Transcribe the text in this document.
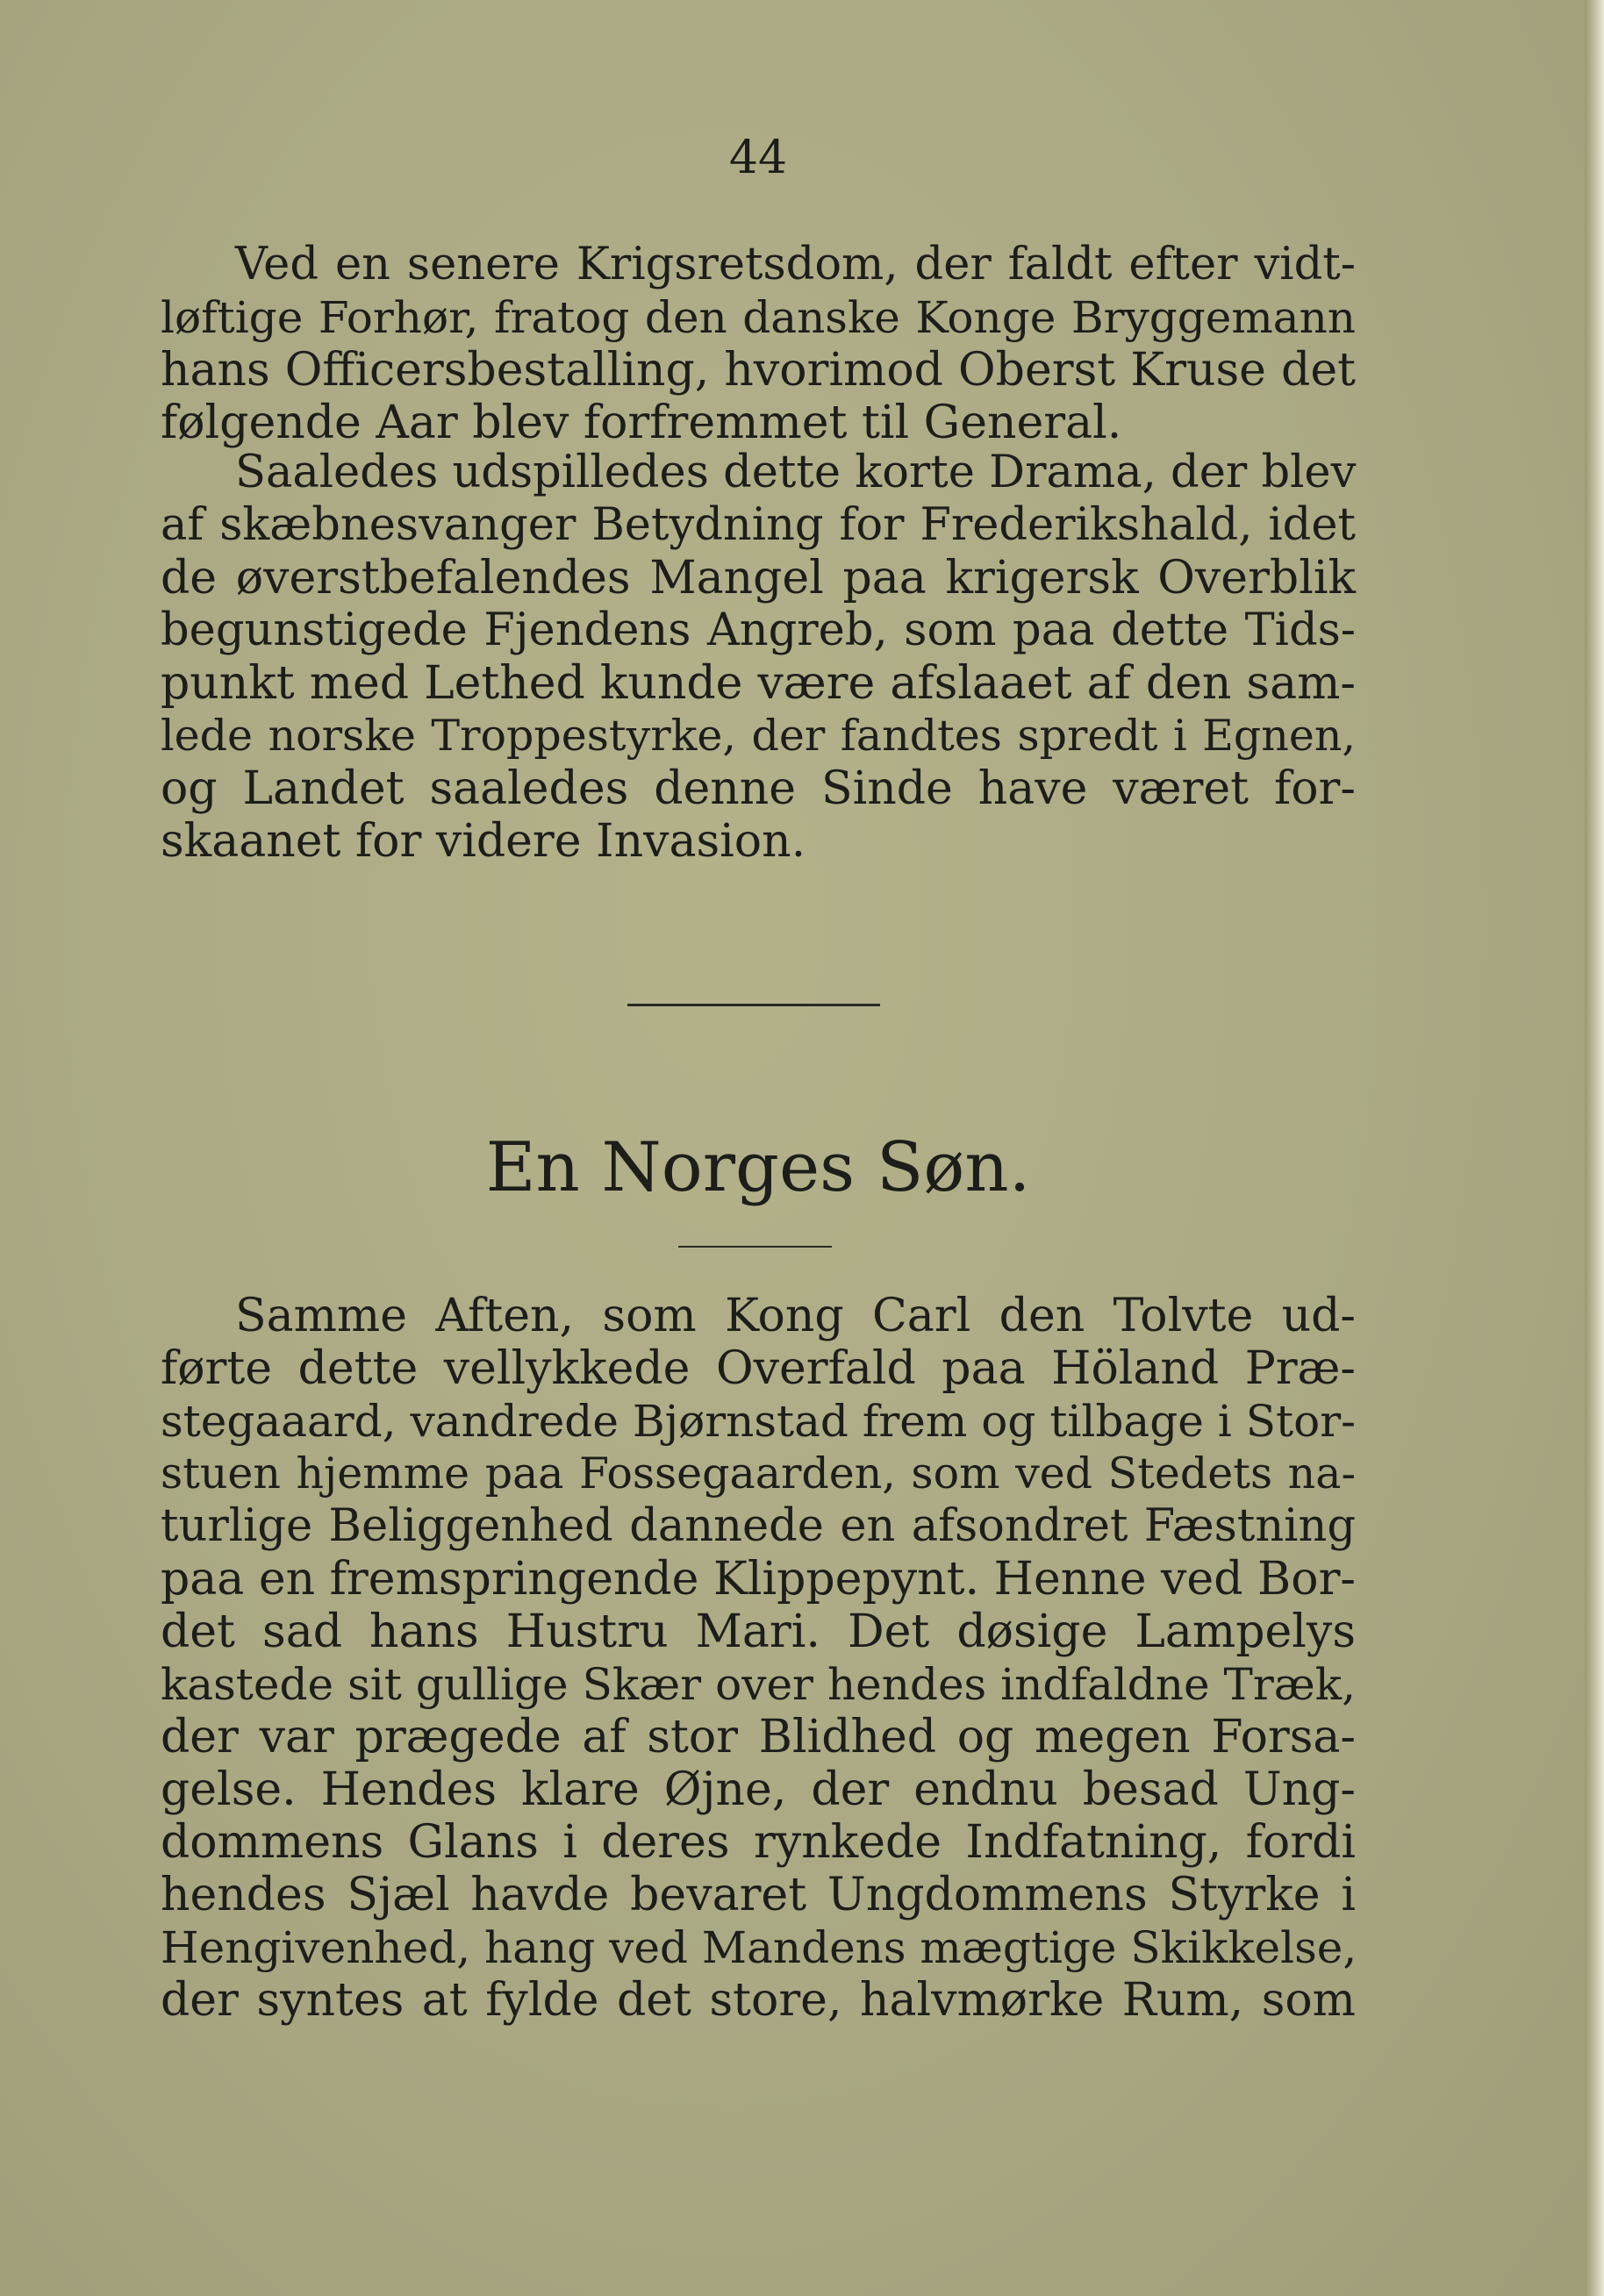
44
Ved en senere Krigsretsdom, der faldt efter vidt-
løftige Forhør, fratog den danske Konge Bryggemann
hans Officersbestalling, hvorimod Oberst Kruse det
følgende Aar blev forfremmet til General.
Saaledes udspilledes dette korte Drama, der blev
af skæbnesvanger Betydning for Frederikshald, idet
de øverstbefalendes Mangel paa krigersk Overblik
begunstigede Fjendens Angreb, som paa dette Tids-
punkt med Lethed kunde være afslaaet af den sam-
lede norske Troppestyrke, der fandtes spredt i Egnen,
og Landet saaledes denne Sinde have været for-
skaanet for videre Invasion.
En Norges Søn.
Samme Aften, som Kong Carl den Tolvte ud-
førte dette vellykkede Overfald paa Höland Præ-
stegaaard, vandrede Bjørnstad frem og tilbage i Stor-
stuen hjemme paa Fossegaarden, som ved Stedets na-
turlige Beliggenhed dannede en afsondret Fæstning
paa en fremspringende Klippepynt. Henne ved Bor-
det sad hans Hustru Mari. Det døsige Lampelys
kastede sit gullige Skær over hendes indfaldne Træk,
der var prægede af stor Blidhed og megen Forsa-
gelse. Hendes klare Øjne, der endnu besad Ung-
dommens Glans i deres rynkede Indfatning, fordi
hendes Sjæl havde bevaret Ungdommens Styrke i
Hengivenhed, hang ved Mandens mægtige Skikkelse,
der syntes at fylde det store, halvmørke Rum, som
